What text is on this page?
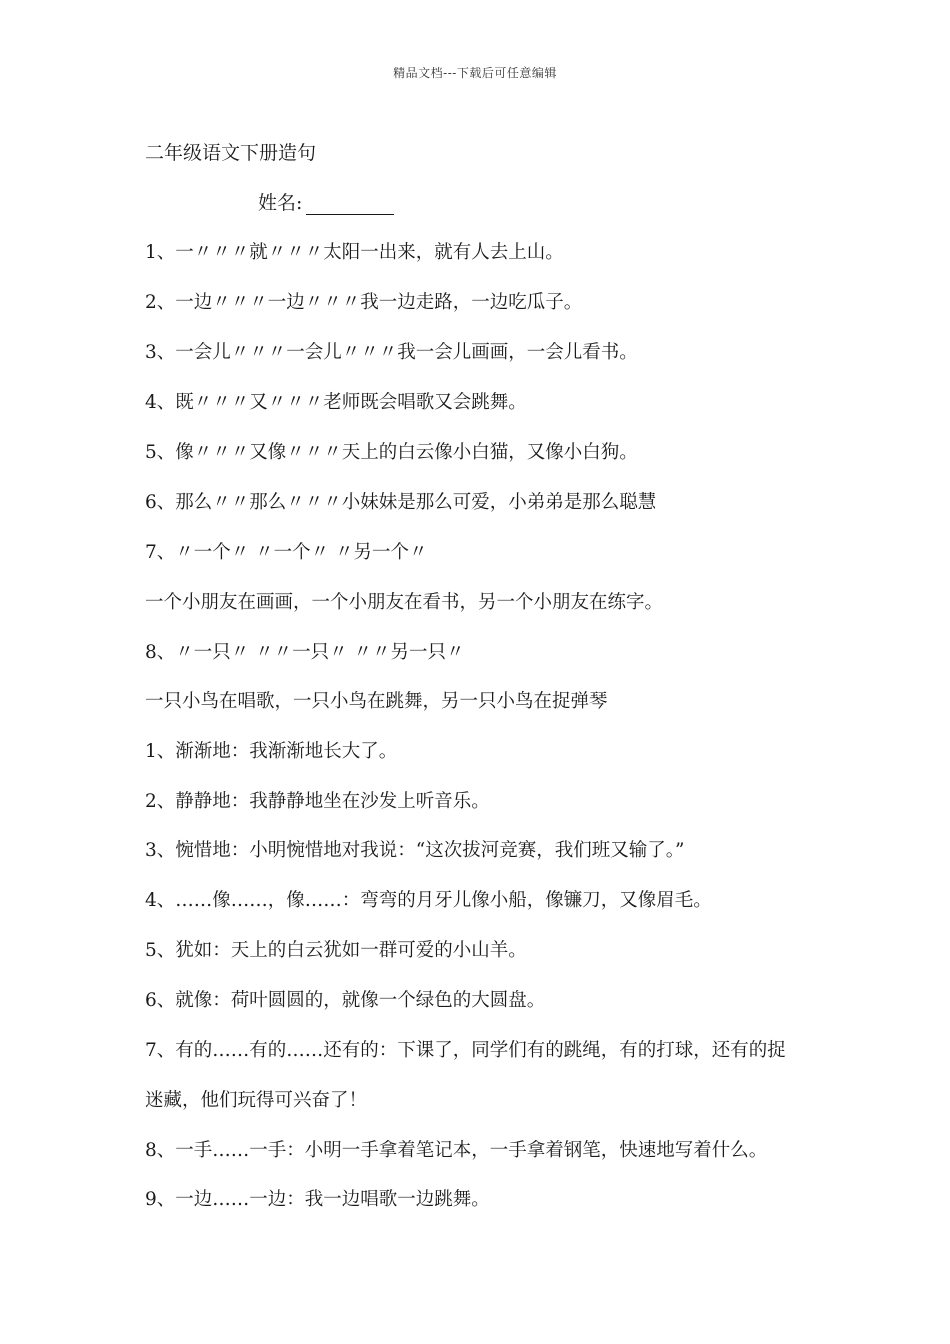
精品文档---下载后可任意编辑
二年级语文下册造句
姓名:
1、一〃〃〃就〃〃〃太阳一出来，就有人去上山。
2、一边〃〃〃一边〃〃〃我一边走路，一边吃瓜子。
3、一会儿〃〃〃一会儿〃〃〃我一会儿画画，一会儿看书。
4、既〃〃〃又〃〃〃老师既会唱歌又会跳舞。
5、像〃〃〃又像〃〃〃天上的白云像小白猫，又像小白狗。
6、那么〃〃那么〃〃〃小妹妹是那么可爱，小弟弟是那么聪慧
7、〃一个〃 〃一个〃 〃另一个〃
一个小朋友在画画，一个小朋友在看书，另一个小朋友在练字。
8、〃一只〃 〃〃一只〃 〃〃另一只〃
一只小鸟在唱歌，一只小鸟在跳舞，另一只小鸟在捉弹琴
1、渐渐地：我渐渐地长大了。
2、静静地：我静静地坐在沙发上听音乐。
3、惋惜地：小明惋惜地对我说：“这次拔河竞赛，我们班又输了。”
4、……像……，像……：弯弯的月牙儿像小船，像镰刀，又像眉毛。
5、犹如：天上的白云犹如一群可爱的小山羊。
6、就像：荷叶圆圆的，就像一个绿色的大圆盘。
7、有的……有的……还有的：下课了，同学们有的跳绳，有的打球，还有的捉
迷藏，他们玩得可兴奋了！
8、一手……一手：小明一手拿着笔记本，一手拿着钢笔，快速地写着什么。
9、一边……一边：我一边唱歌一边跳舞。
